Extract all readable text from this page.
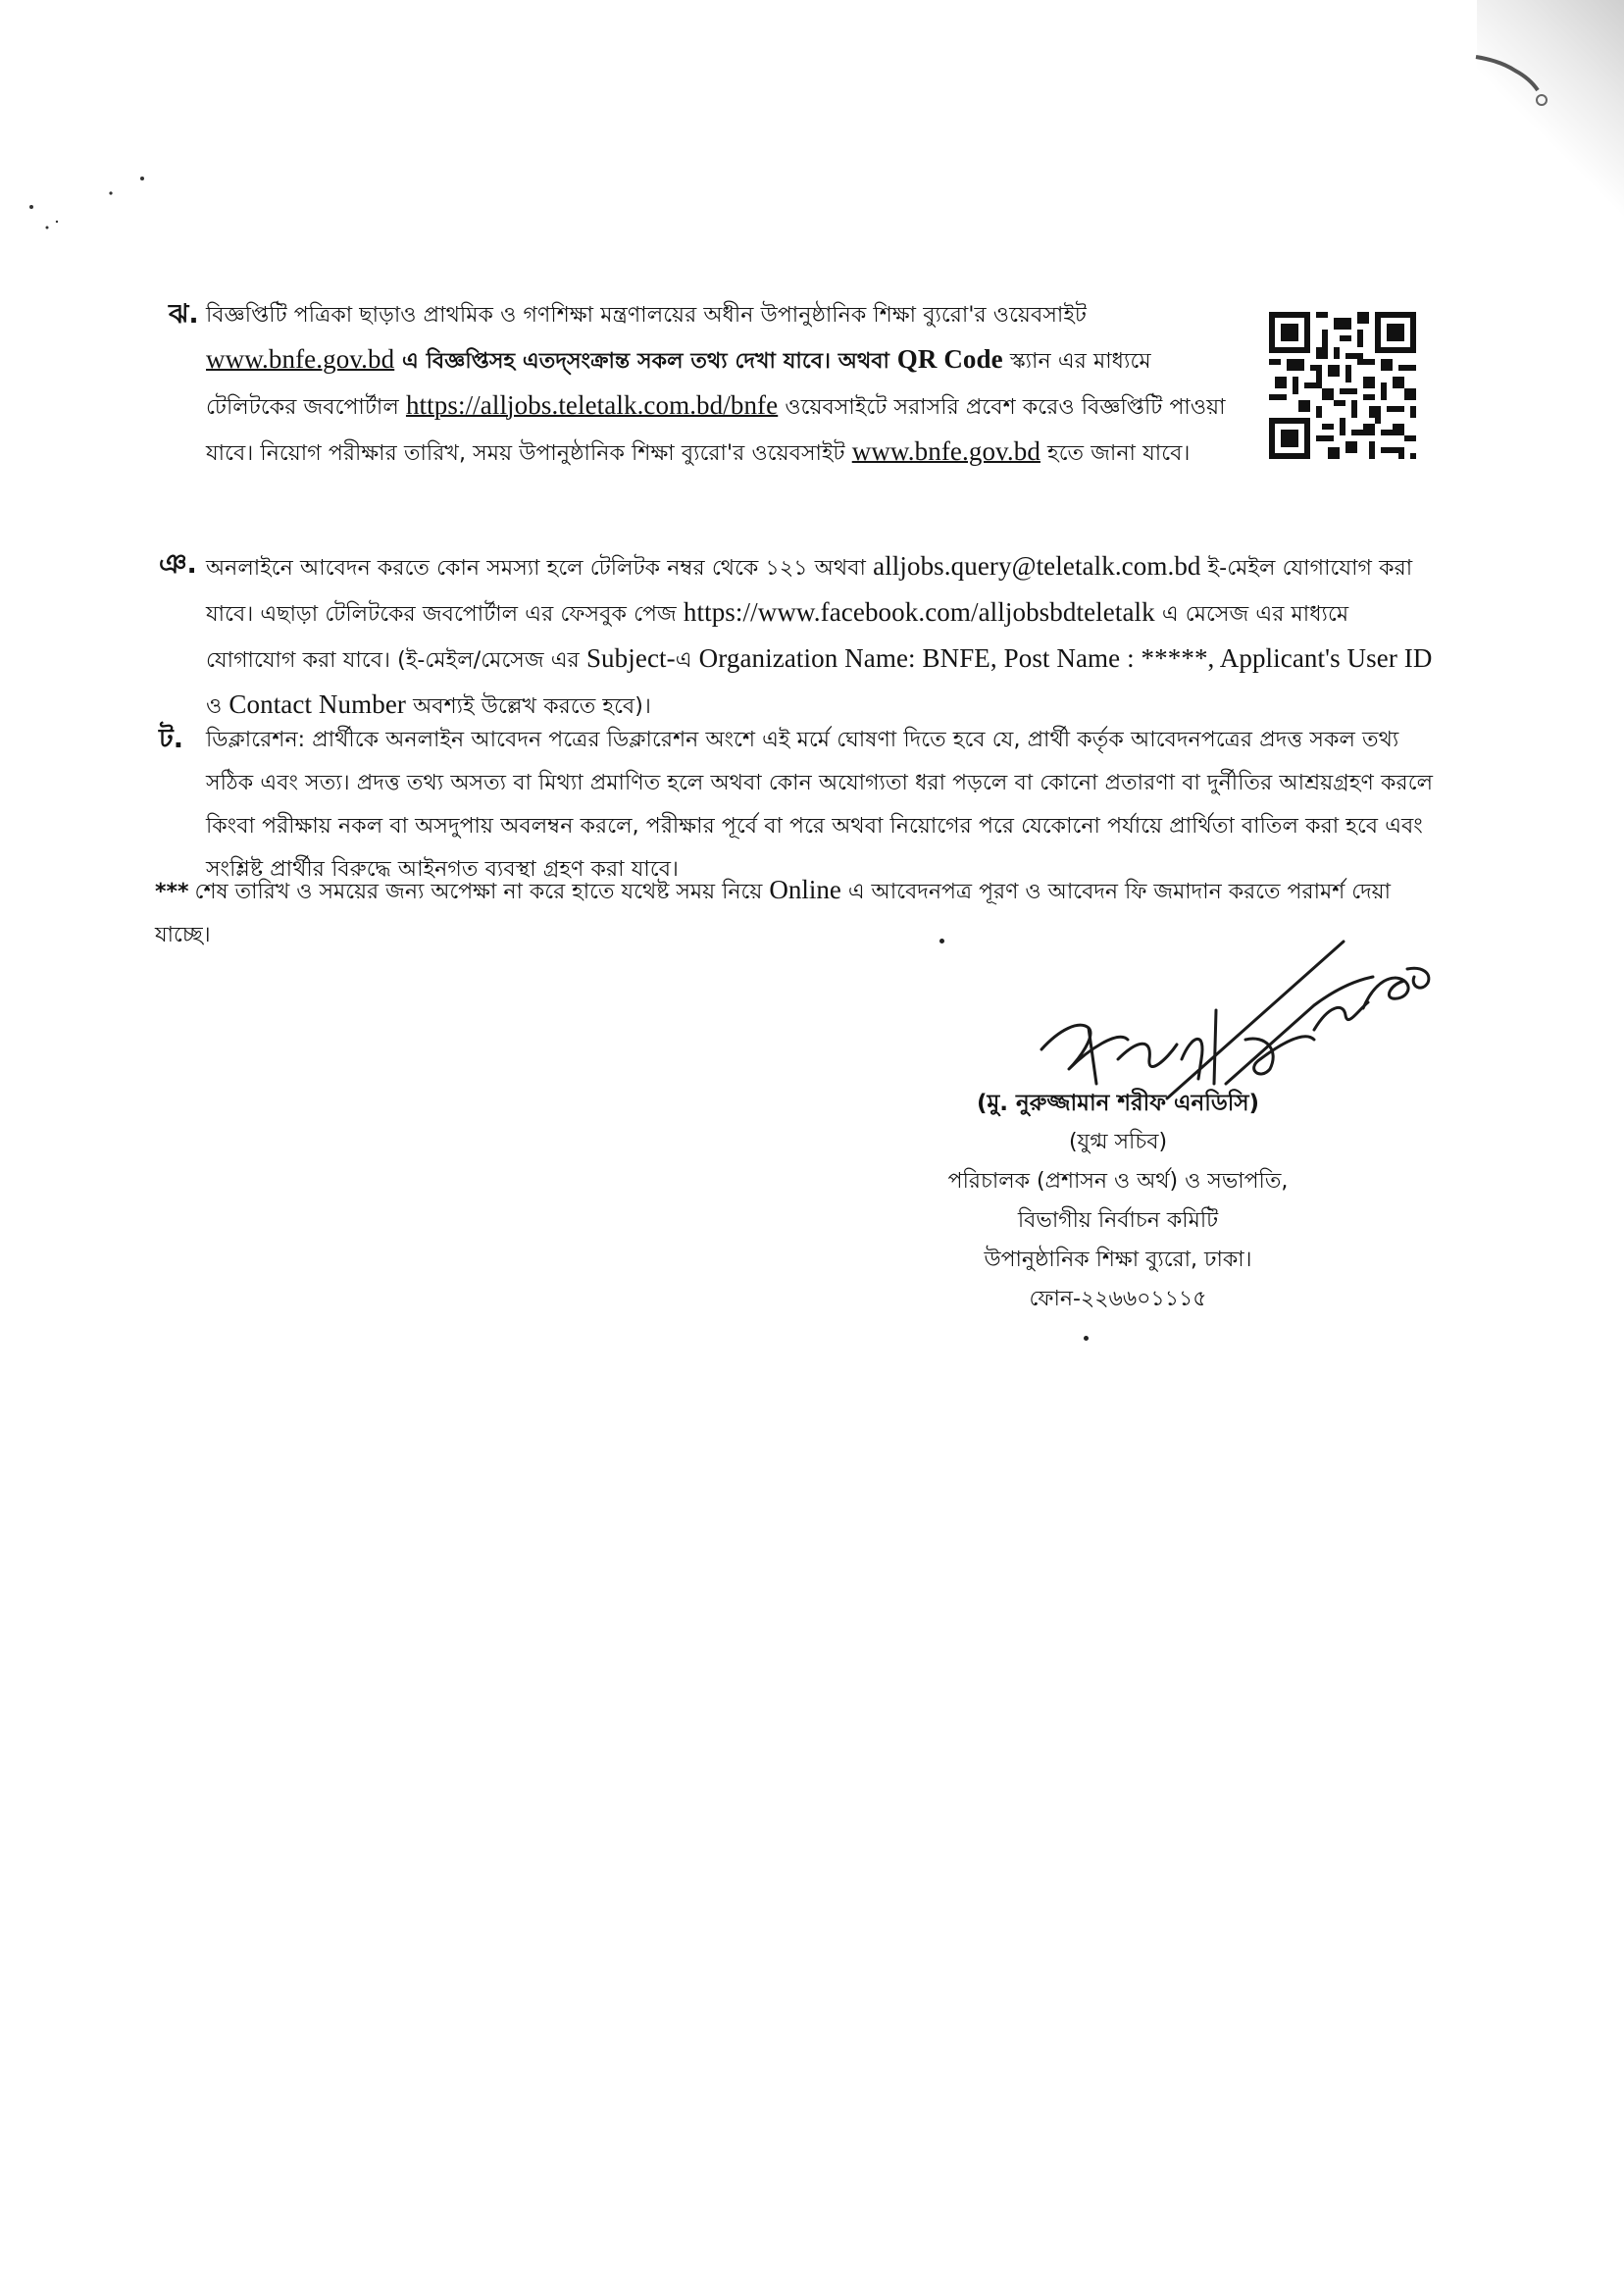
ঝ. বিজ্ঞপ্তিটি পত্রিকা ছাড়াও প্রাথমিক ও গণশিক্ষা মন্ত্রণালয়ের অধীন উপানুষ্ঠানিক শিক্ষা ব্যুরো'র ওয়েবসাইট www.bnfe.gov.bd এ বিজ্ঞপ্তিসহ এতদ্‌সংক্রান্ত সকল তথ্য দেখা যাবে। অথবা QR Code স্ক্যান এর মাধ্যমে টেলিটকের জবপোর্টাল https://alljobs.teletalk.com.bd/bnfe ওয়েবসাইটে সরাসরি প্রবেশ করেও বিজ্ঞপ্তিটি পাওয়া যাবে। নিয়োগ পরীক্ষার তারিখ, সময় উপানুষ্ঠানিক শিক্ষা ব্যুরো'র ওয়েবসাইট www.bnfe.gov.bd হতে জানা যাবে।
ঞ. অনলাইনে আবেদন করতে কোন সমস্যা হলে টেলিটক নম্বর থেকে ১২১ অথবা alljobs.query@teletalk.com.bd ই-মেইল যোগাযোগ করা যাবে। এছাড়া টেলিটকের জবপোর্টাল এর ফেসবুক পেজ https://www.facebook.com/alljobsbdteletalk এ মেসেজ এর মাধ্যমে যোগাযোগ করা যাবে। (ই-মেইল/মেসেজ এর Subject-এ Organization Name: BNFE, Post Name : *****, Applicant's User ID ও Contact Number অবশ্যই উল্লেখ করতে হবে)।
ট. ডিক্লারেশন: প্রার্থীকে অনলাইন আবেদন পত্রের ডিক্লারেশন অংশে এই মর্মে ঘোষণা দিতে হবে যে, প্রার্থী কর্তৃক আবেদনপত্রের প্রদত্ত সকল তথ্য সঠিক এবং সত্য। প্রদত্ত তথ্য অসত্য বা মিথ্যা প্রমাণিত হলে অথবা কোন অযোগ্যতা ধরা পড়লে বা কোনো প্রতারণা বা দুর্নীতির আশ্রয়গ্রহণ করলে কিংবা পরীক্ষায় নকল বা অসদুপায় অবলম্বন করলে, পরীক্ষার পূর্বে বা পরে অথবা নিয়োগের পরে যেকোনো পর্যায়ে প্রার্থিতা বাতিল করা হবে এবং সংশ্লিষ্ট প্রার্থীর বিরুদ্ধে আইনগত ব্যবস্থা গ্রহণ করা যাবে।
*** শেষ তারিখ ও সময়ের জন্য অপেক্ষা না করে হাতে যথেষ্ট সময় নিয়ে Online এ আবেদনপত্র পূরণ ও আবেদন ফি জমাদান করতে পরামর্শ দেয়া যাচ্ছে।
(মু. নুরুজ্জামান শরীফ এনডিসি)
(যুগ্ম সচিব)
পরিচালক (প্রশাসন ও অর্থ) ও সভাপতি,
বিভাগীয় নির্বাচন কমিটি
উপানুষ্ঠানিক শিক্ষা ব্যুরো, ঢাকা।
ফোন-২২৬৬০১১১৫
